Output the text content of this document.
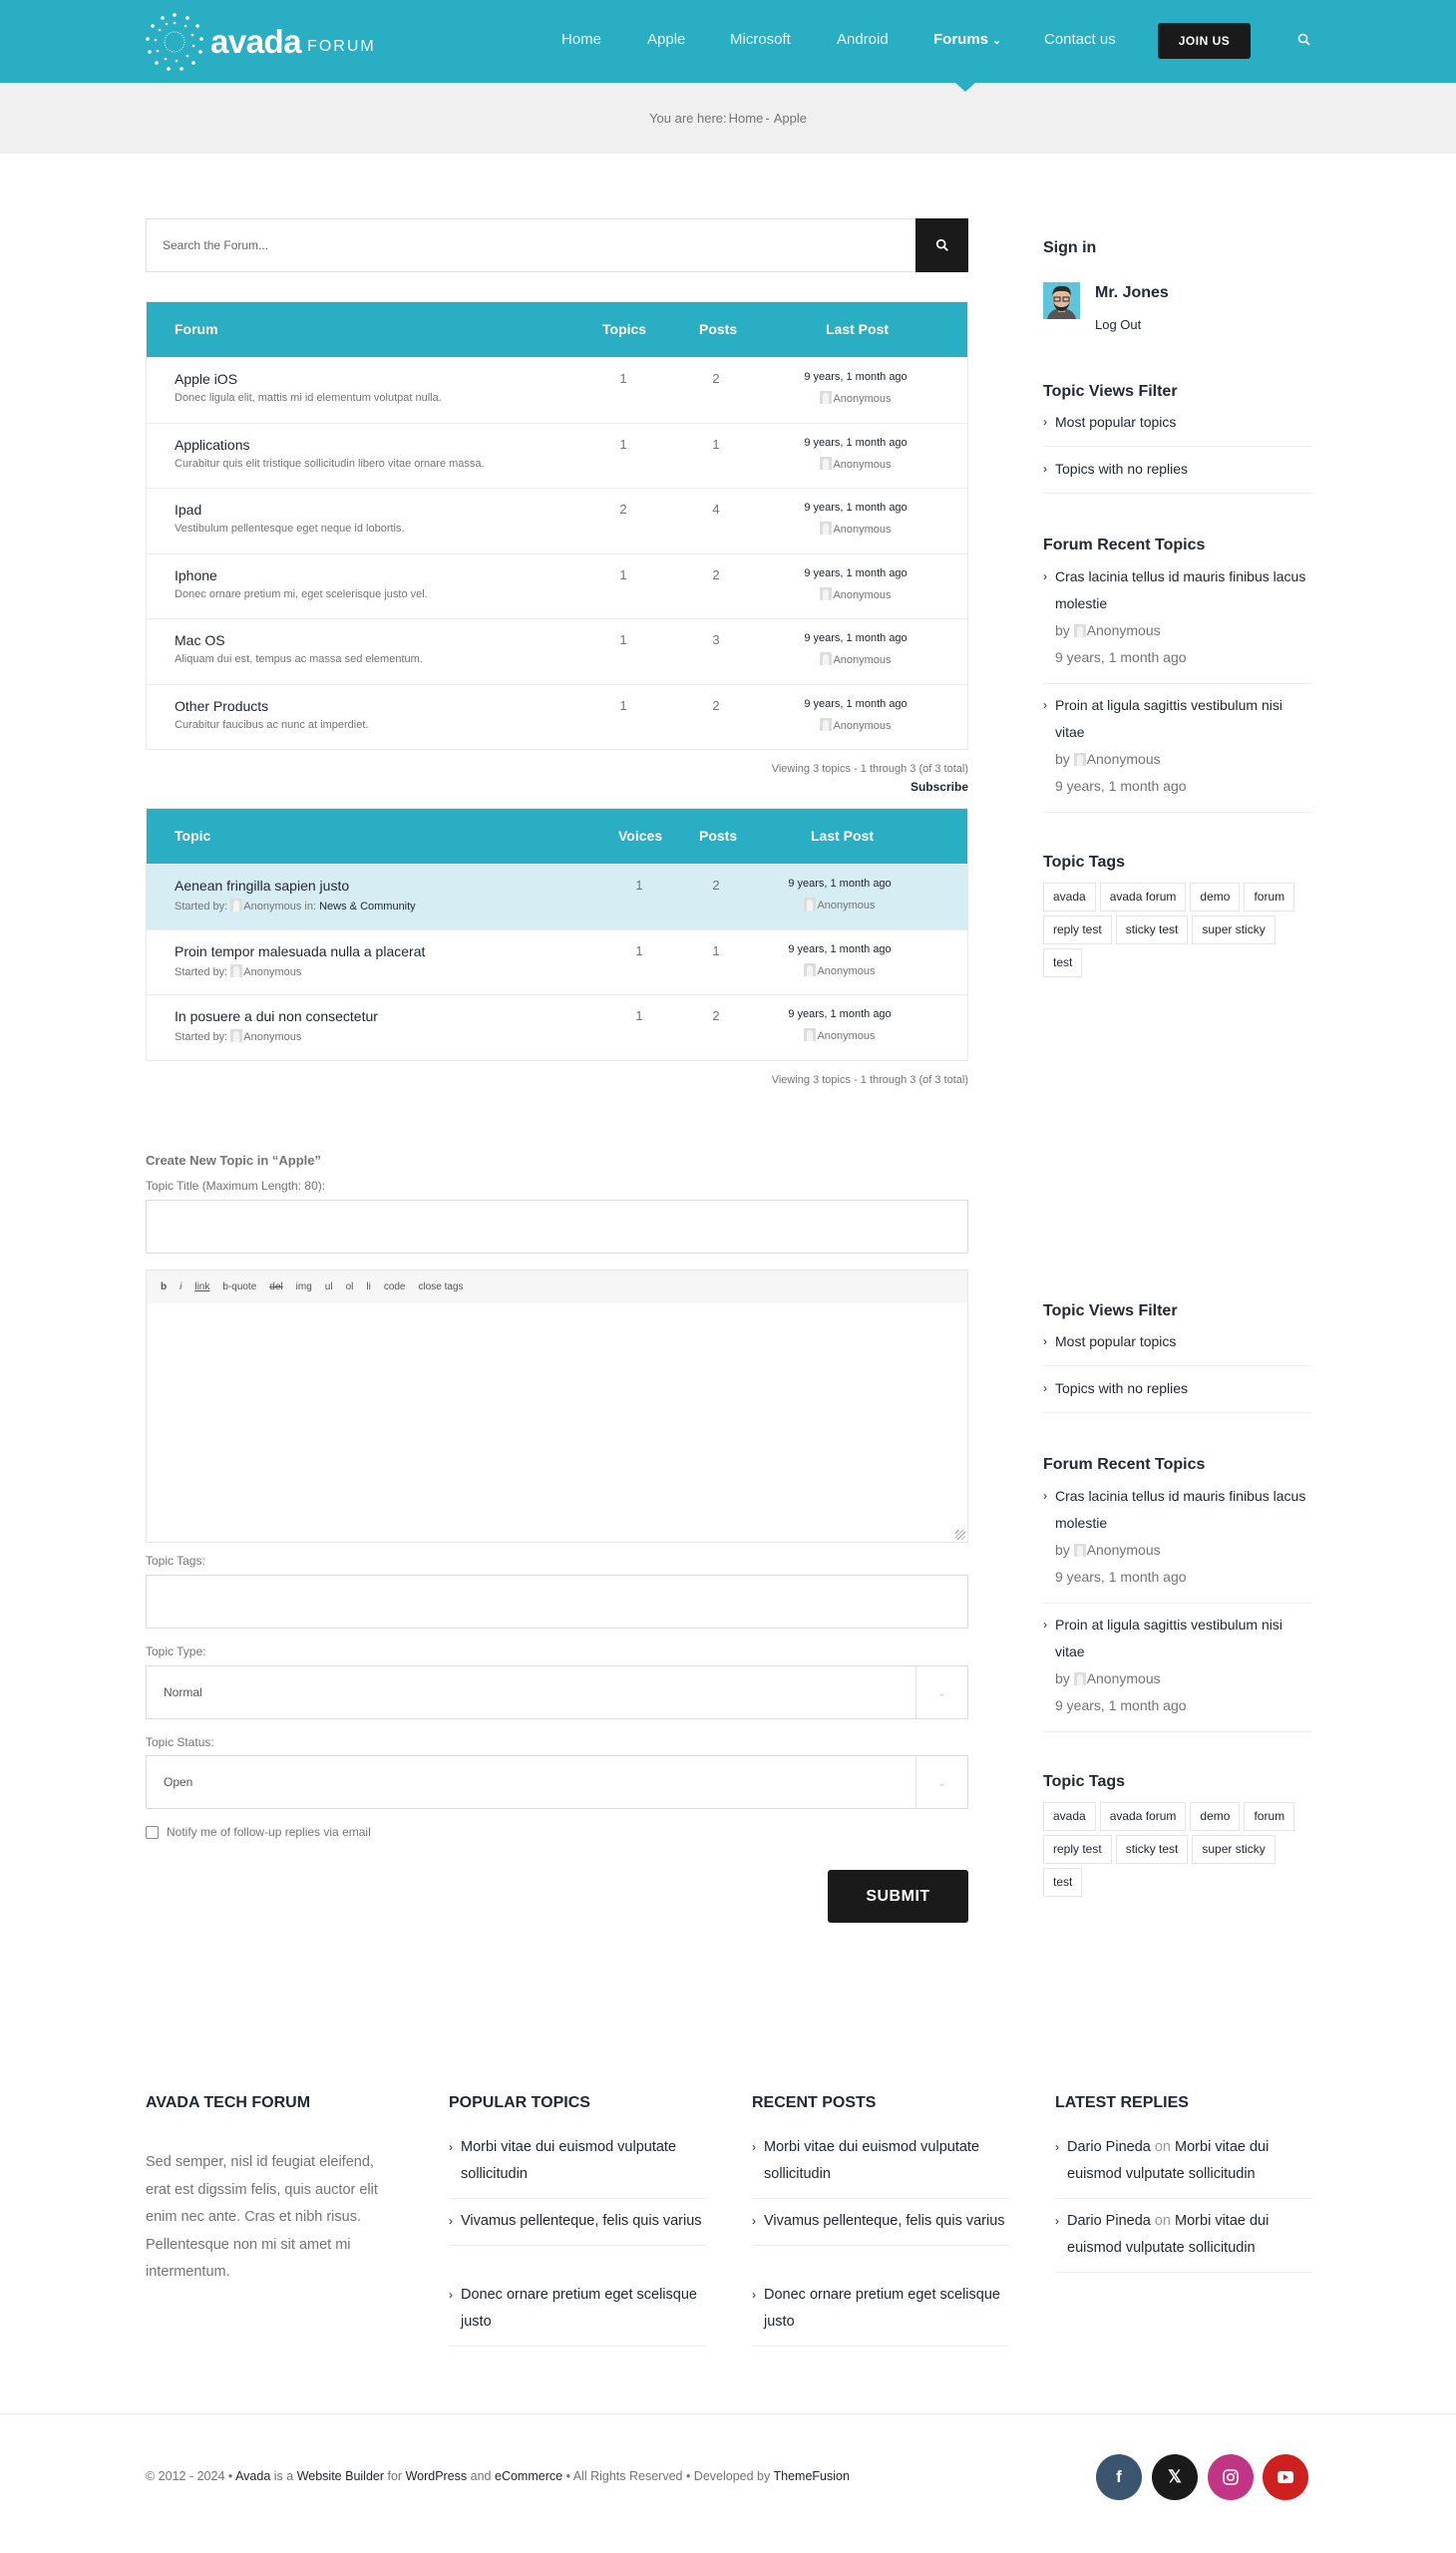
avada FORUM	Home	Apple	Microsoft	Android	Forums ⌄	Contact us	JOIN US
You are here: Home - Apple
Search the Forum...
Forum	Topics	Posts	Last Post
Apple iOS
Donec ligula elit, mattis mi id elementum volutpat nulla.
1	2	9 years, 1 month ago
Anonymous
Applications
Curabitur quis elit tristique sollicitudin libero vitae ornare massa.
1	1	9 years, 1 month ago
Anonymous
Ipad
Vestibulum pellentesque eget neque id lobortis.
2	4	9 years, 1 month ago
Anonymous
Iphone
Donec ornare pretium mi, eget scelerisque justo vel.
1	2	9 years, 1 month ago
Anonymous
Mac OS
Aliquam dui est, tempus ac massa sed elementum.
1	3	9 years, 1 month ago
Anonymous
Other Products
Curabitur faucibus ac nunc at imperdiet.
1	2	9 years, 1 month ago
Anonymous
Viewing 3 topics - 1 through 3 (of 3 total)
Subscribe
Topic	Voices	Posts	Last Post
Aenean fringilla sapien justo
Started by: Anonymous in: News & Community
1	2	9 years, 1 month ago
Anonymous
Proin tempor malesuada nulla a placerat
Started by: Anonymous
1	1	9 years, 1 month ago
Anonymous
In posuere a dui non consectetur
Started by: Anonymous
1	2	9 years, 1 month ago
Anonymous
Viewing 3 topics - 1 through 3 (of 3 total)
Create New Topic in “Apple”
Topic Title (Maximum Length: 80):
b i link b-quote del img ul ol li code close tags
Topic Tags:
Topic Type:
Normal	⌄
Topic Status:
Open	⌄
Notify me of follow-up replies via email
SUBMIT
Sign in
Mr. Jones
Log Out
Topic Views Filter
› Most popular topics
› Topics with no replies
Forum Recent Topics
› Cras lacinia tellus id mauris finibus lacus molestie
by Anonymous
9 years, 1 month ago
› Proin at ligula sagittis vestibulum nisi vitae
by Anonymous
9 years, 1 month ago
Topic Tags
avada	avada forum	demo	forum
reply test	sticky test	super sticky
test
Topic Views Filter
› Most popular topics
› Topics with no replies
Forum Recent Topics
› Cras lacinia tellus id mauris finibus lacus molestie
by Anonymous
9 years, 1 month ago
› Proin at ligula sagittis vestibulum nisi vitae
by Anonymous
9 years, 1 month ago
Topic Tags
avada	avada forum	demo	forum
reply test	sticky test	super sticky
test
AVADA TECH FORUM

Sed semper, nisl id feugiat eleifend, erat est digssim felis, quis auctor elit enim nec ante. Cras et nibh risus. Pellentesque non mi sit amet mi intermentum.

POPULAR TOPICS
› Morbi vitae dui euismod vulputate sollicitudin
› Vivamus pellenteque, felis quis varius
› Donec ornare pretium eget scelisque justo
RECENT POSTS
› Morbi vitae dui euismod vulputate sollicitudin
› Vivamus pellenteque, felis quis varius
› Donec ornare pretium eget scelisque justo
LATEST REPLIES
› Dario Pineda on Morbi vitae dui euismod vulputate sollicitudin
› Dario Pineda on Morbi vitae dui euismod vulputate sollicitudin
© 2012 - 2024 • Avada is a Website Builder for WordPress and eCommerce • All Rights Reserved • Developed by ThemeFusion	f	𝕏
